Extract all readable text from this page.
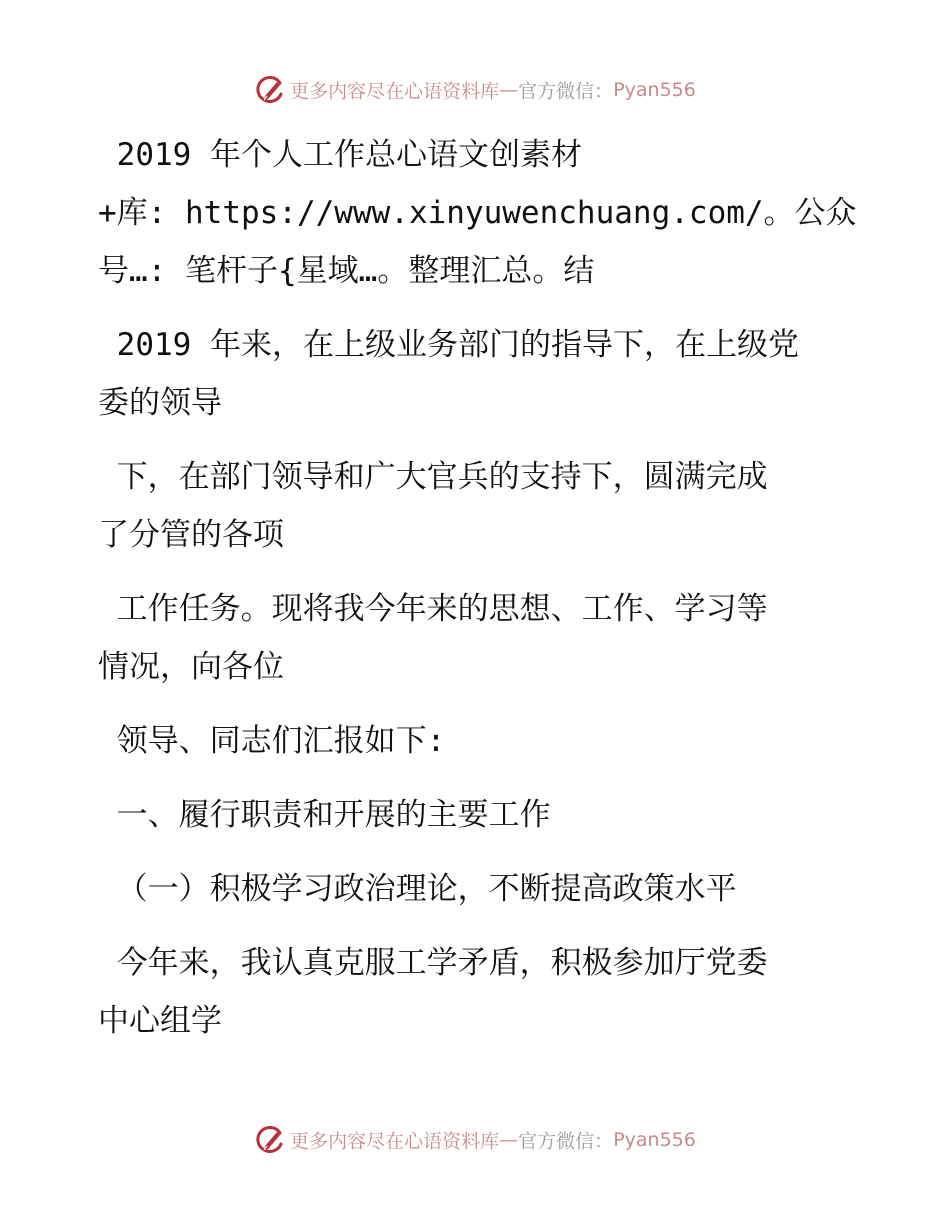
更多内容尽在心语资料库—官方微信：Pyan556

2019 年个人工作总心语文创素材
+库: https://www.xinyuwenchuang.com/。公众
号…: 笔杆子{星域…。整理汇总。结

2019 年来，在上级业务部门的指导下，在上级党
委的领导

下，在部门领导和广大官兵的支持下，圆满完成
了分管的各项

工作任务。现将我今年来的思想、工作、学习等
情况，向各位

领导、同志们汇报如下:

一、履行职责和开展的主要工作

（一）积极学习政治理论，不断提高政策水平

今年来，我认真克服工学矛盾，积极参加厅党委
中心组学

更多内容尽在心语资料库—官方微信：Pyan556
